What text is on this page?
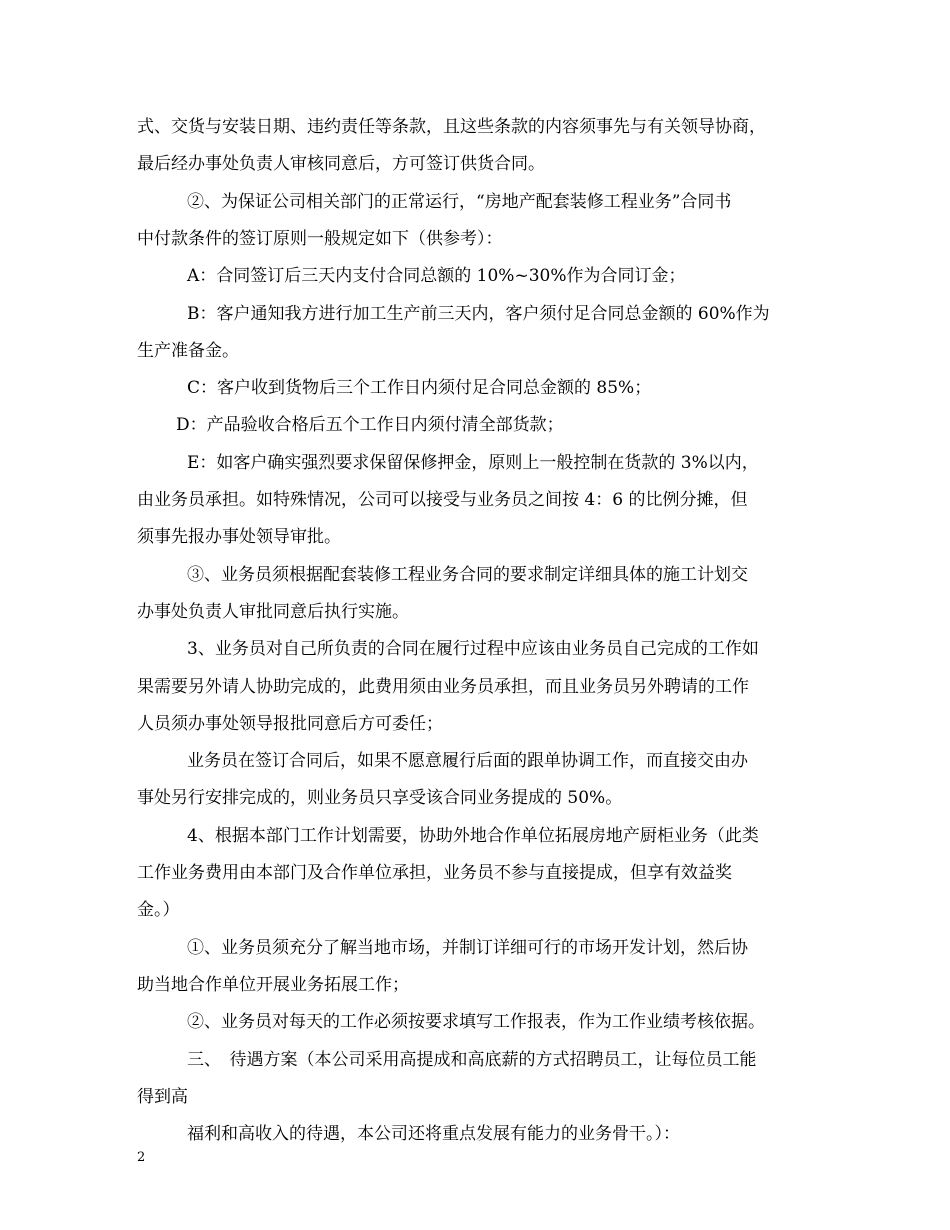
式、交货与安装日期、违约责任等条款，且这些条款的内容须事先与有关领导协商，
最后经办事处负责人审核同意后，方可签订供货合同。
②、为保证公司相关部门的正常运行，“房地产配套装修工程业务”合同书
中付款条件的签订原则一般规定如下（供参考）：
A：合同签订后三天内支付合同总额的 10%~30%作为合同订金；
B：客户通知我方进行加工生产前三天内，客户须付足合同总金额的 60%作为
生产准备金。
C：客户收到货物后三个工作日内须付足合同总金额的 85%；
D：产品验收合格后五个工作日内须付清全部货款；
E：如客户确实强烈要求保留保修押金，原则上一般控制在货款的 3%以内，
由业务员承担。如特殊情况，公司可以接受与业务员之间按 4：6 的比例分摊，但
须事先报办事处领导审批。
③、业务员须根据配套装修工程业务合同的要求制定详细具体的施工计划交
办事处负责人审批同意后执行实施。
3、业务员对自己所负责的合同在履行过程中应该由业务员自己完成的工作如
果需要另外请人协助完成的，此费用须由业务员承担，而且业务员另外聘请的工作
人员须办事处领导报批同意后方可委任；
业务员在签订合同后，如果不愿意履行后面的跟单协调工作，而直接交由办
事处另行安排完成的，则业务员只享受该合同业务提成的 50%。
4、根据本部门工作计划需要，协助外地合作单位拓展房地产厨柜业务（此类
工作业务费用由本部门及合作单位承担，业务员不参与直接提成，但享有效益奖
金。）
①、业务员须充分了解当地市场，并制订详细可行的市场开发计划，然后协
助当地合作单位开展业务拓展工作；
②、业务员对每天的工作必须按要求填写工作报表，作为工作业绩考核依据。
三、　待遇方案（本公司采用高提成和高底薪的方式招聘员工，让每位员工能
得到高
福利和高收入的待遇，本公司还将重点发展有能力的业务骨干。）：
2
